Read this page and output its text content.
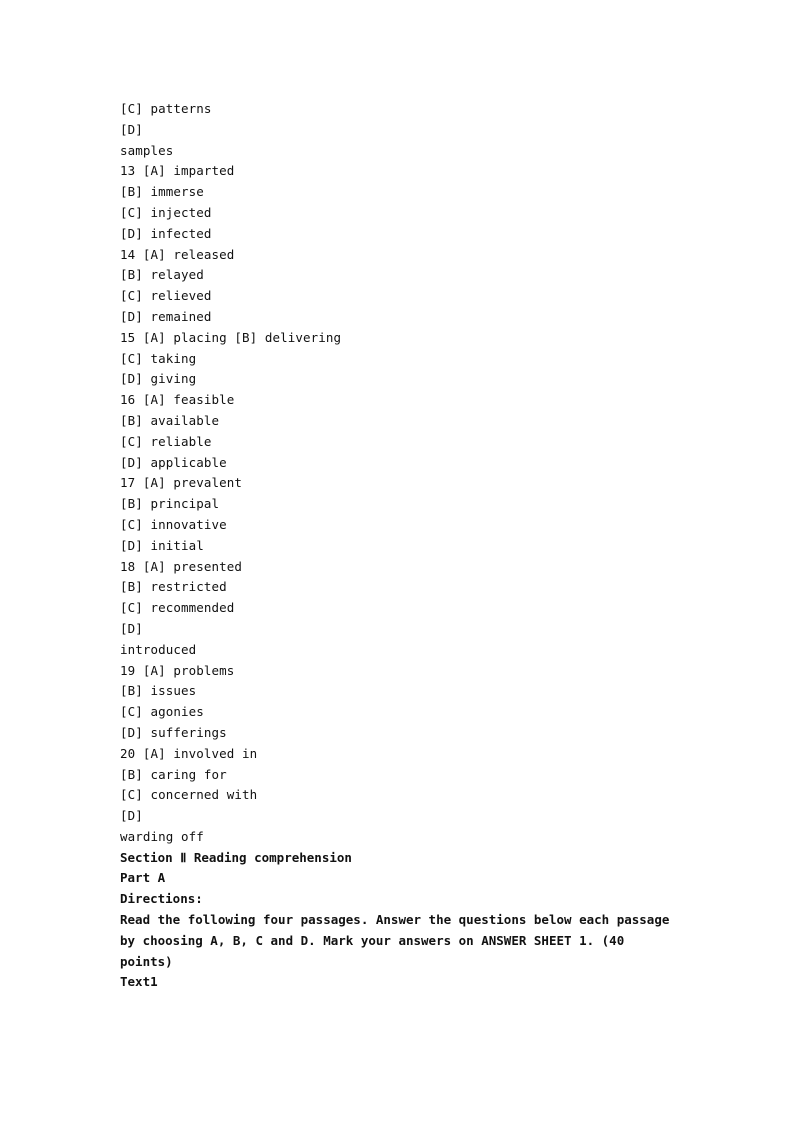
[C] patterns
[D]
samples
13 [A] imparted
[B] immerse
[C] injected
[D] infected
14 [A] released
[B] relayed
[C] relieved
[D] remained
15 [A] placing [B] delivering
[C] taking
[D] giving
16 [A] feasible
[B] available
[C] reliable
[D] applicable
17 [A] prevalent
[B] principal
[C] innovative
[D] initial
18 [A] presented
[B] restricted
[C] recommended
[D]
introduced
19 [A] problems
[B] issues
[C] agonies
[D] sufferings
20 [A] involved in
[B] caring for
[C] concerned with
[D]
warding off
Section Ⅱ Reading comprehension
Part A
Directions:
Read the following four passages. Answer the questions below each passage
by choosing A, B, C and D. Mark your answers on ANSWER SHEET 1. (40
points)
Text1
